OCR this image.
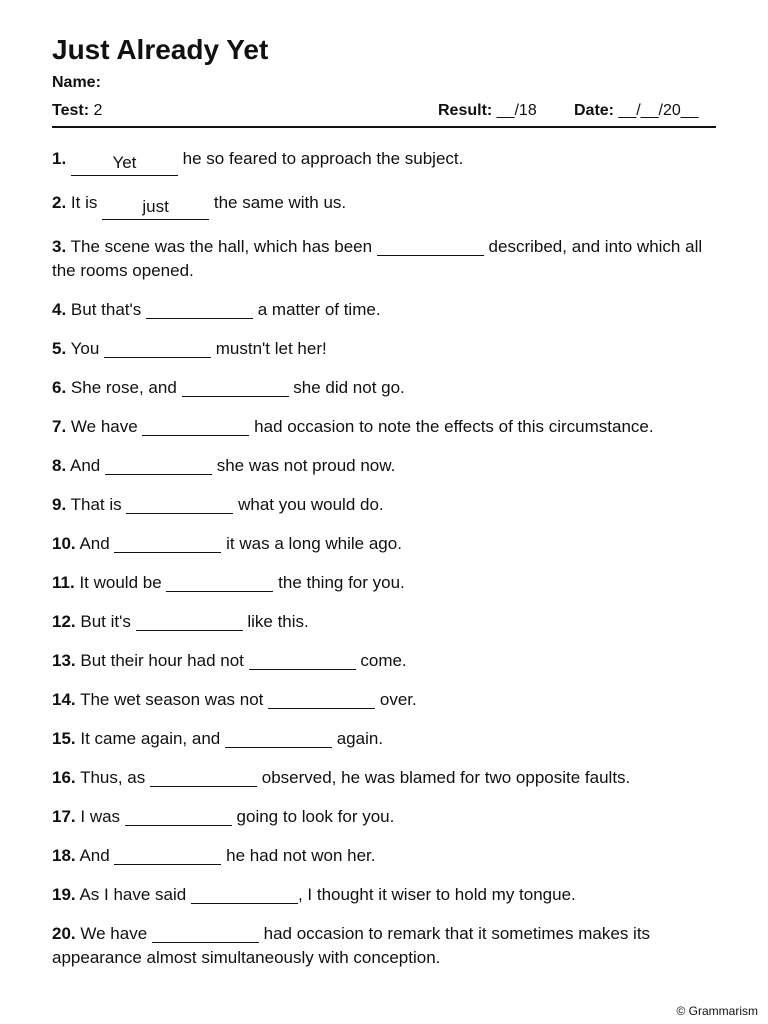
Just Already Yet
Name:
Test: 2	Result: __/18 Date: __/__/20__

1.	Yet	he so feared to approach the subject.

2. It is	just	the same with us.

3. The scene was the hall, which has been	described, and into which all the rooms opened.

4. But that's	a matter of time.

5. You	mustn't let her!

6. She rose, and	she did not go.

7. We have	had occasion to note the effects of this circumstance.

8. And	she was not proud now.

9. That is	what you would do.

10. And	it was a long while ago.

11. It would be	the thing for you.

12. But it's	like this.

13. But their hour had not	come.

14. The wet season was not	over.

15. It came again, and	again.

16. Thus, as	observed, he was blamed for two opposite faults.

17. I was	going to look for you.

18. And	he had not won her.

19. As I have said	, I thought it wiser to hold my tongue.

20. We have	had occasion to remark that it sometimes makes its appearance almost simultaneously with conception.

© Grammarism
